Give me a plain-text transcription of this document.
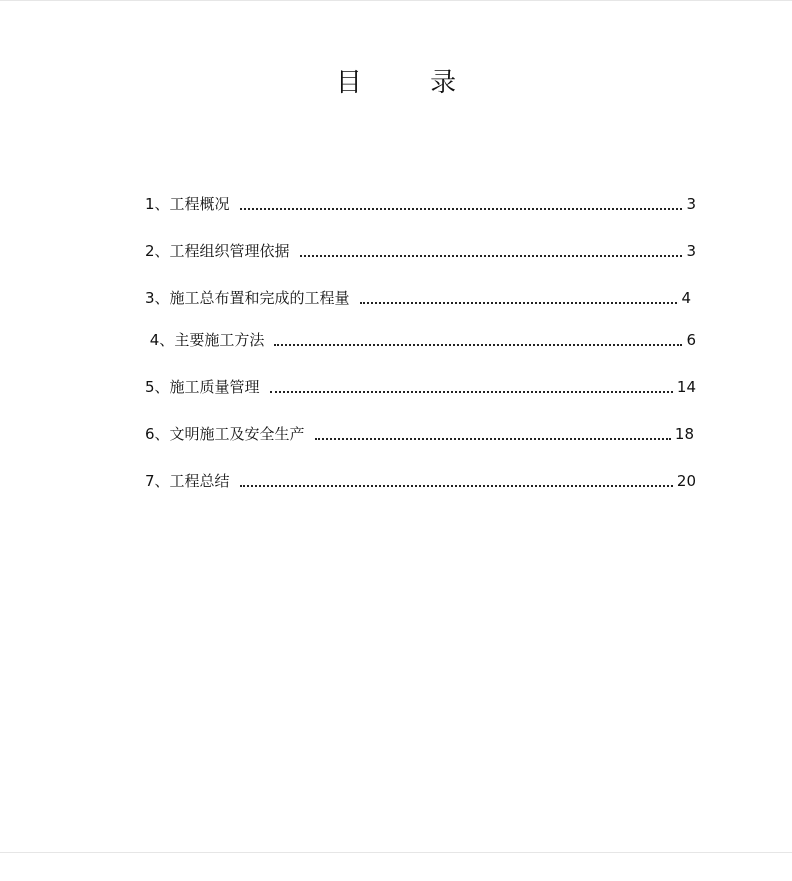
目 录
1、 工程概况	3
2、 工程组织管理依据	3
3、 施工总布置和完成的工程量	4
4、 主要施工方法	6
5、 施工质量管理	14
6、 文明施工及安全生产	18
7、 工程总结	20
